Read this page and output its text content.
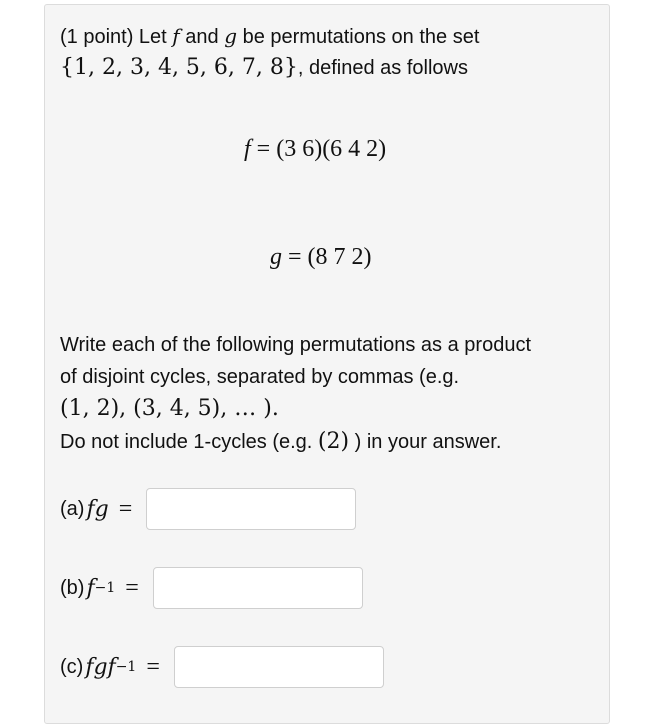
(1 point) Let f and g be permutations on the set
{1, 2, 3, 4, 5, 6, 7, 8}, defined as follows
f = (3 6)(6 4 2)
g = (8 7 2)
Write each of the following permutations as a product
of disjoint cycles, separated by commas (e.g.
(1, 2), (3, 4, 5), … ).
Do not include 1-cycles (e.g. (2) ) in your answer.
(a) fg =
(b) f −1 =
(c) fgf −1 =
